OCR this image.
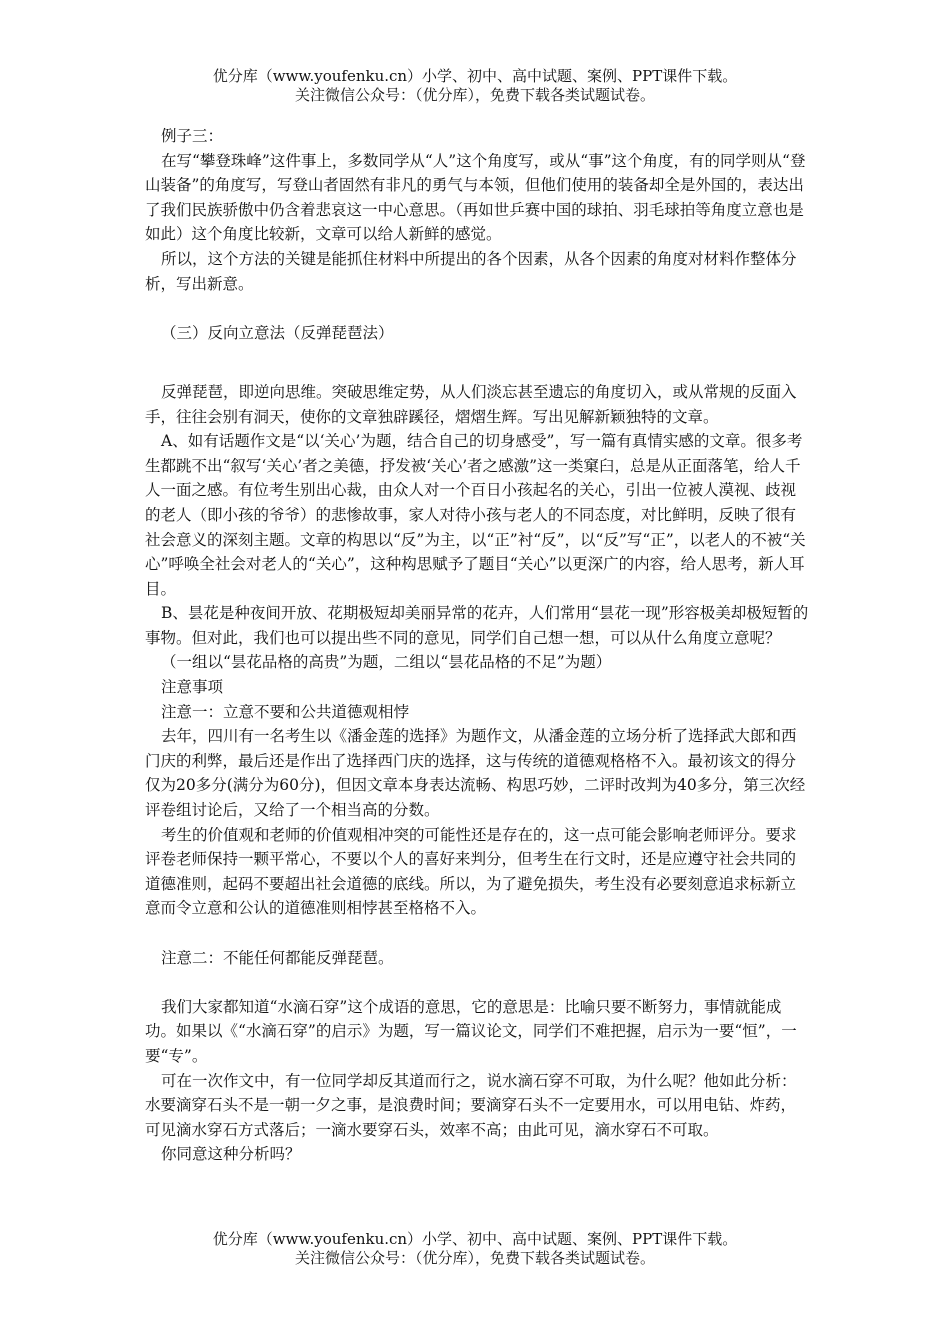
优分库（www.youfenku.cn）小学、初中、高中试题、案例、PPT课件下载。
关注微信公众号：（优分库），免费下载各类试题试卷。

例子三：

在写“攀登珠峰”这件事上，多数同学从“人”这个角度写，或从“事”这个角度，有的同学则从“登山装备”的角度写，写登山者固然有非凡的勇气与本领，但他们使用的装备却全是外国的，表达出了我们民族骄傲中仍含着悲哀这一中心意思。（再如世乒赛中国的球拍、羽毛球拍等角度立意也是如此）这个角度比较新，文章可以给人新鲜的感觉。

所以，这个方法的关键是能抓住材料中所提出的各个因素，从各个因素的角度对材料作整体分析，写出新意。

（三）反向立意法（反弹琵琶法）

反弹琵琶，即逆向思维。突破思维定势，从人们淡忘甚至遗忘的角度切入，或从常规的反面入手，往往会别有洞天，使你的文章独辟蹊径，熠熠生辉。写出见解新颖独特的文章。

A、如有话题作文是“以‘关心’为题，结合自己的切身感受”，写一篇有真情实感的文章。很多考生都跳不出“叙写‘关心’者之美德，抒发被‘关心’者之感激”这一类窠臼，总是从正面落笔，给人千人一面之感。有位考生别出心裁，由众人对一个百日小孩起名的关心，引出一位被人漠视、歧视的老人（即小孩的爷爷）的悲惨故事，家人对待小孩与老人的不同态度，对比鲜明，反映了很有社会意义的深刻主题。文章的构思以“反”为主，以“正”衬“反”，以“反”写“正”，以老人的不被“关心”呼唤全社会对老人的“关心”，这种构思赋予了题目“关心”以更深广的内容，给人思考，新人耳目。

B、昙花是种夜间开放、花期极短却美丽异常的花卉，人们常用“昙花一现”形容极美却极短暂的事物。但对此，我们也可以提出些不同的意见，同学们自己想一想，可以从什么角度立意呢？

（一组以“昙花品格的高贵”为题，二组以“昙花品格的不足”为题）

注意事项

注意一：立意不要和公共道德观相悖

去年，四川有一名考生以《潘金莲的选择》为题作文，从潘金莲的立场分析了选择武大郎和西门庆的利弊，最后还是作出了选择西门庆的选择，这与传统的道德观格格不入。最初该文的得分仅为20多分(满分为60分)，但因文章本身表达流畅、构思巧妙，二评时改判为40多分，第三次经评卷组讨论后，又给了一个相当高的分数。

考生的价值观和老师的价值观相冲突的可能性还是存在的，这一点可能会影响老师评分。要求评卷老师保持一颗平常心，不要以个人的喜好来判分，但考生在行文时，还是应遵守社会共同的道德准则，起码不要超出社会道德的底线。所以，为了避免损失，考生没有必要刻意追求标新立意而令立意和公认的道德准则相悖甚至格格不入。

注意二：不能任何都能反弹琵琶。

我们大家都知道“水滴石穿”这个成语的意思，它的意思是：比喻只要不断努力，事情就能成功。如果以《“水滴石穿”的启示》为题，写一篇议论文，同学们不难把握，启示为一要“恒”，一要“专”。

可在一次作文中，有一位同学却反其道而行之，说水滴石穿不可取，为什么呢？他如此分析：水要滴穿石头不是一朝一夕之事，是浪费时间；要滴穿石头不一定要用水，可以用电钻、炸药，可见滴水穿石方式落后；一滴水要穿石头，效率不高；由此可见，滴水穿石不可取。

你同意这种分析吗？

优分库（www.youfenku.cn）小学、初中、高中试题、案例、PPT课件下载。
关注微信公众号：（优分库），免费下载各类试题试卷。
